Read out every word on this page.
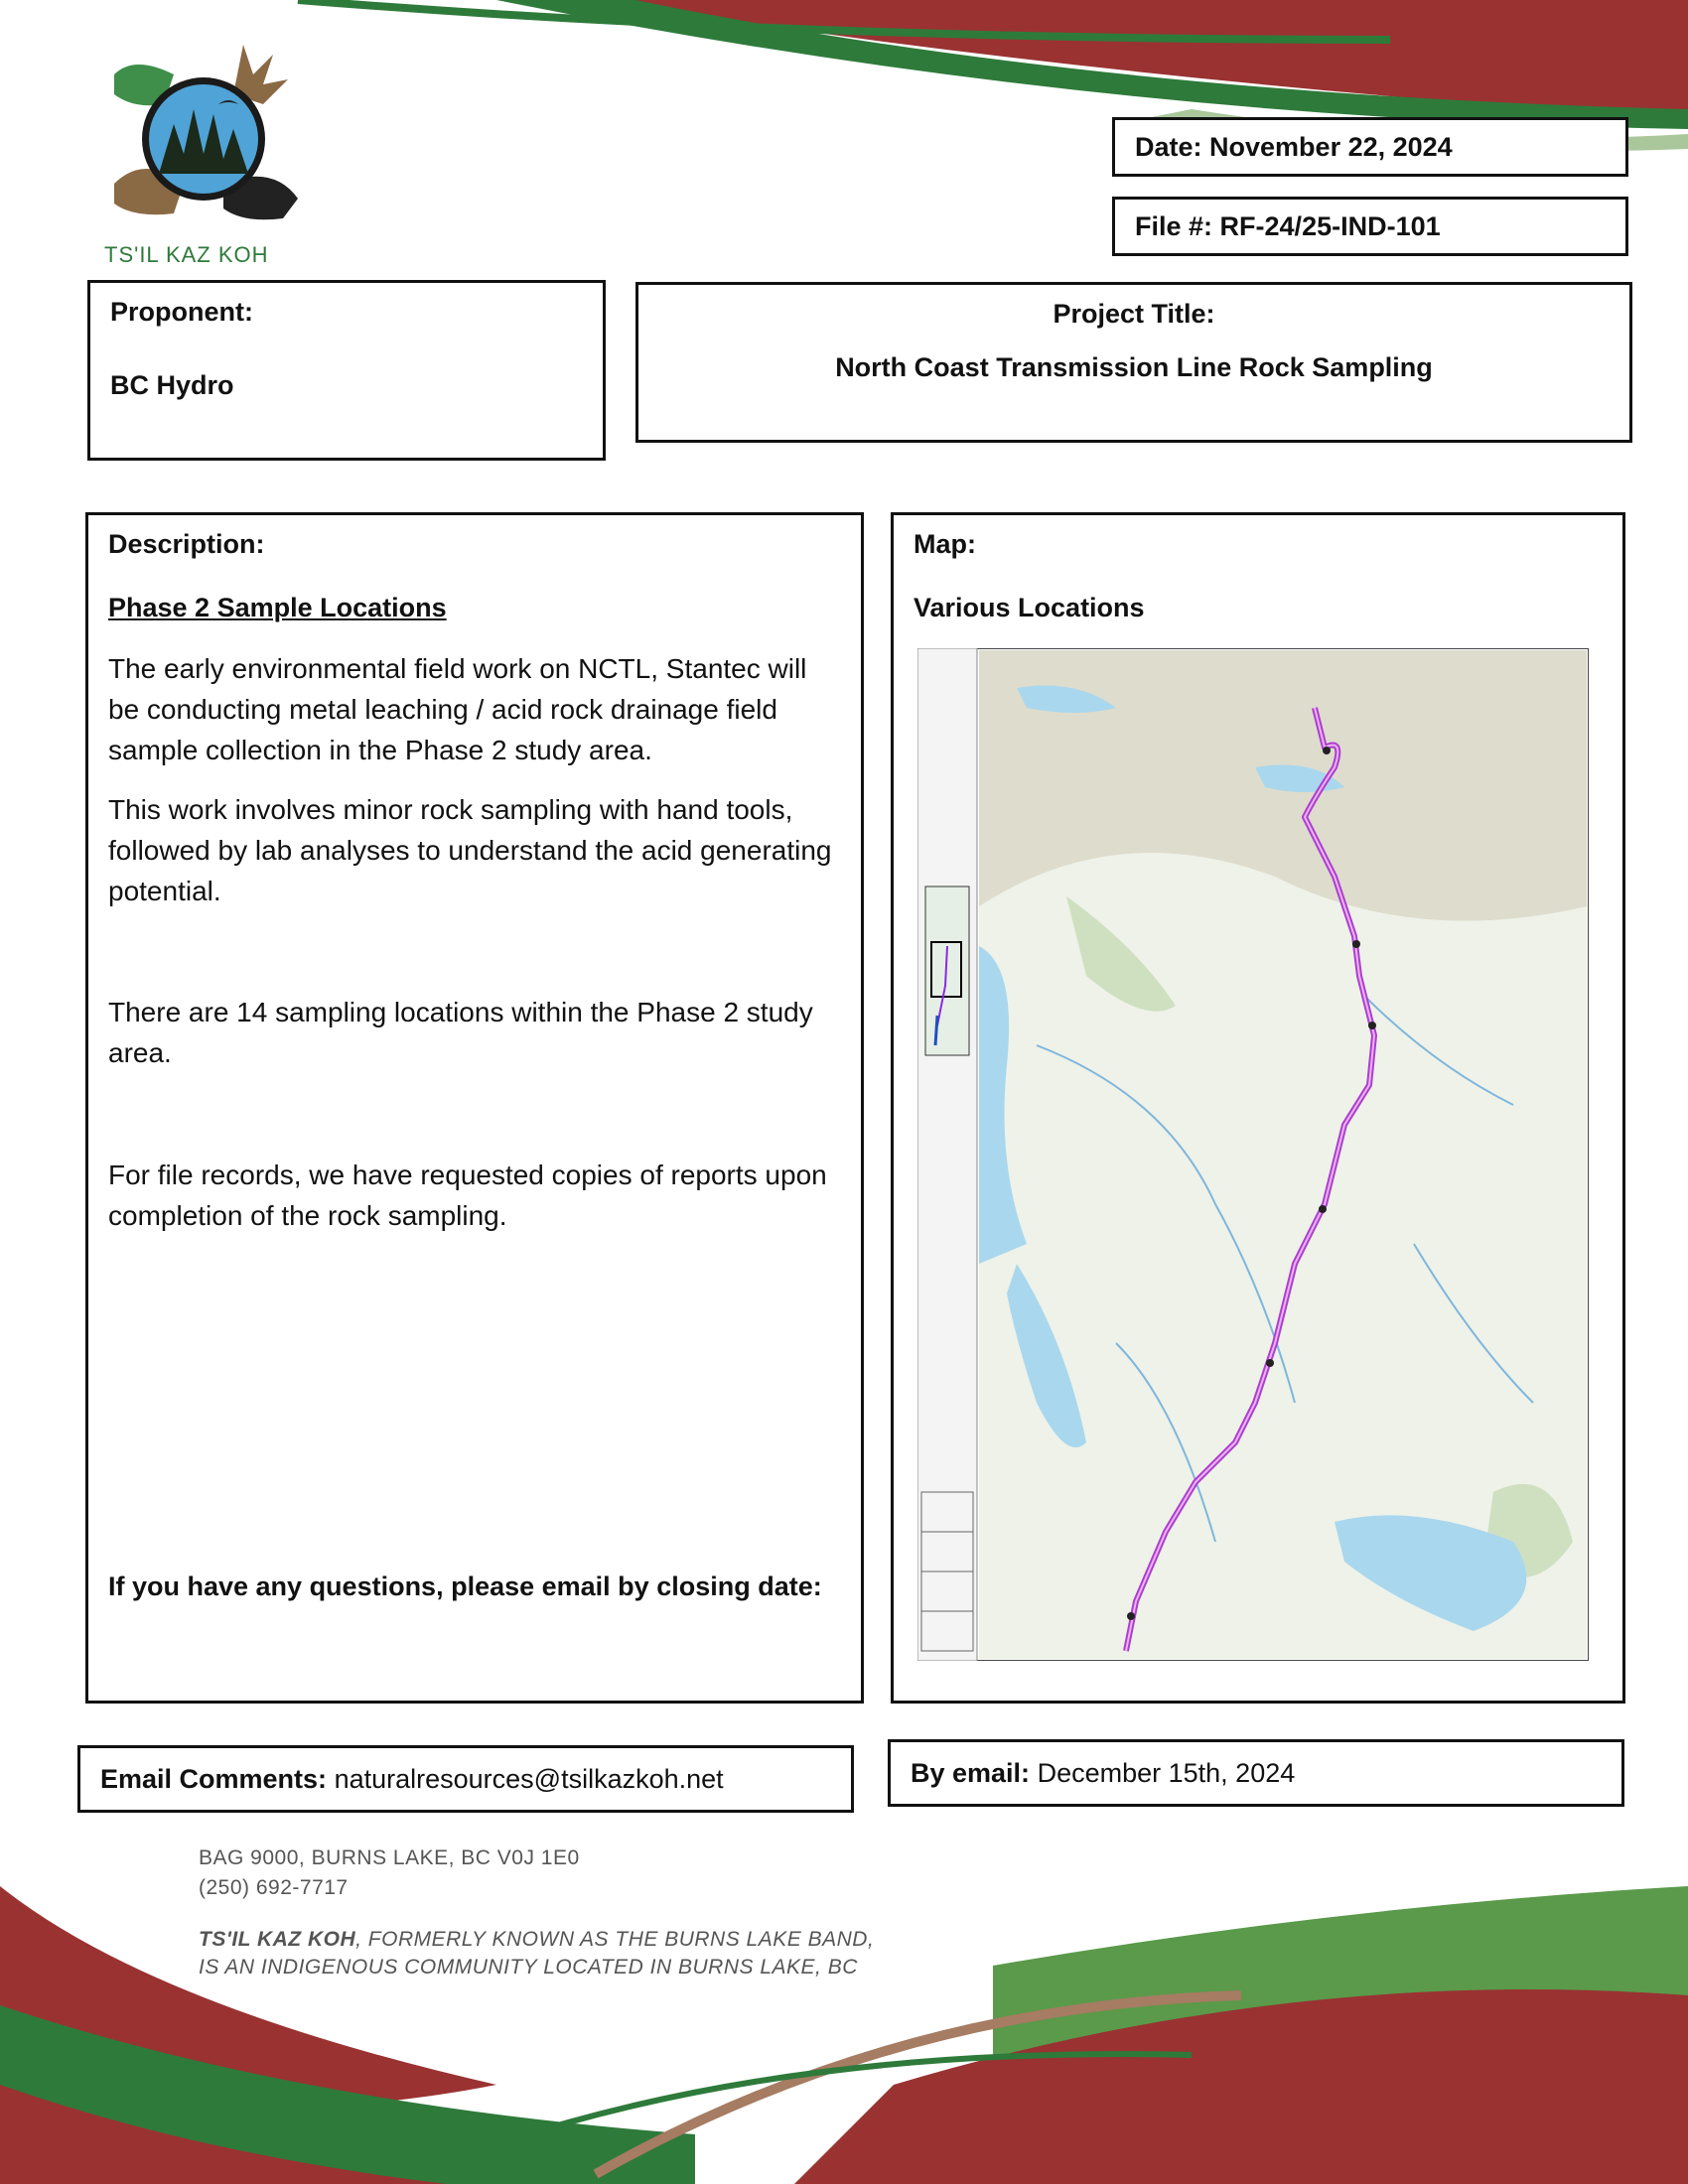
TS'IL KAZ KOH
Date: November 22, 2024
File #: RF-24/25-IND-101
Proponent:
BC Hydro
Project Title:
North Coast Transmission Line Rock Sampling
Description:
Phase 2 Sample Locations
The early environmental field work on NCTL, Stantec will be conducting metal leaching / acid rock drainage field sample collection in the Phase 2 study area.
This work involves minor rock sampling with hand tools, followed by lab analyses to understand the acid generating potential.
There are 14 sampling locations within the Phase 2 study area.
For file records, we have requested copies of reports upon completion of the rock sampling.
If you have any questions, please email by closing date:
Map:
Various Locations
Email Comments: naturalresources@tsilkazkoh.net	By email: December 15th, 2024
BAG 9000, BURNS LAKE, BC V0J 1E0
(250) 692-7717
TS'IL KAZ KOH, FORMERLY KNOWN AS THE BURNS LAKE BAND,
IS AN INDIGENOUS COMMUNITY LOCATED IN BURNS LAKE, BC
